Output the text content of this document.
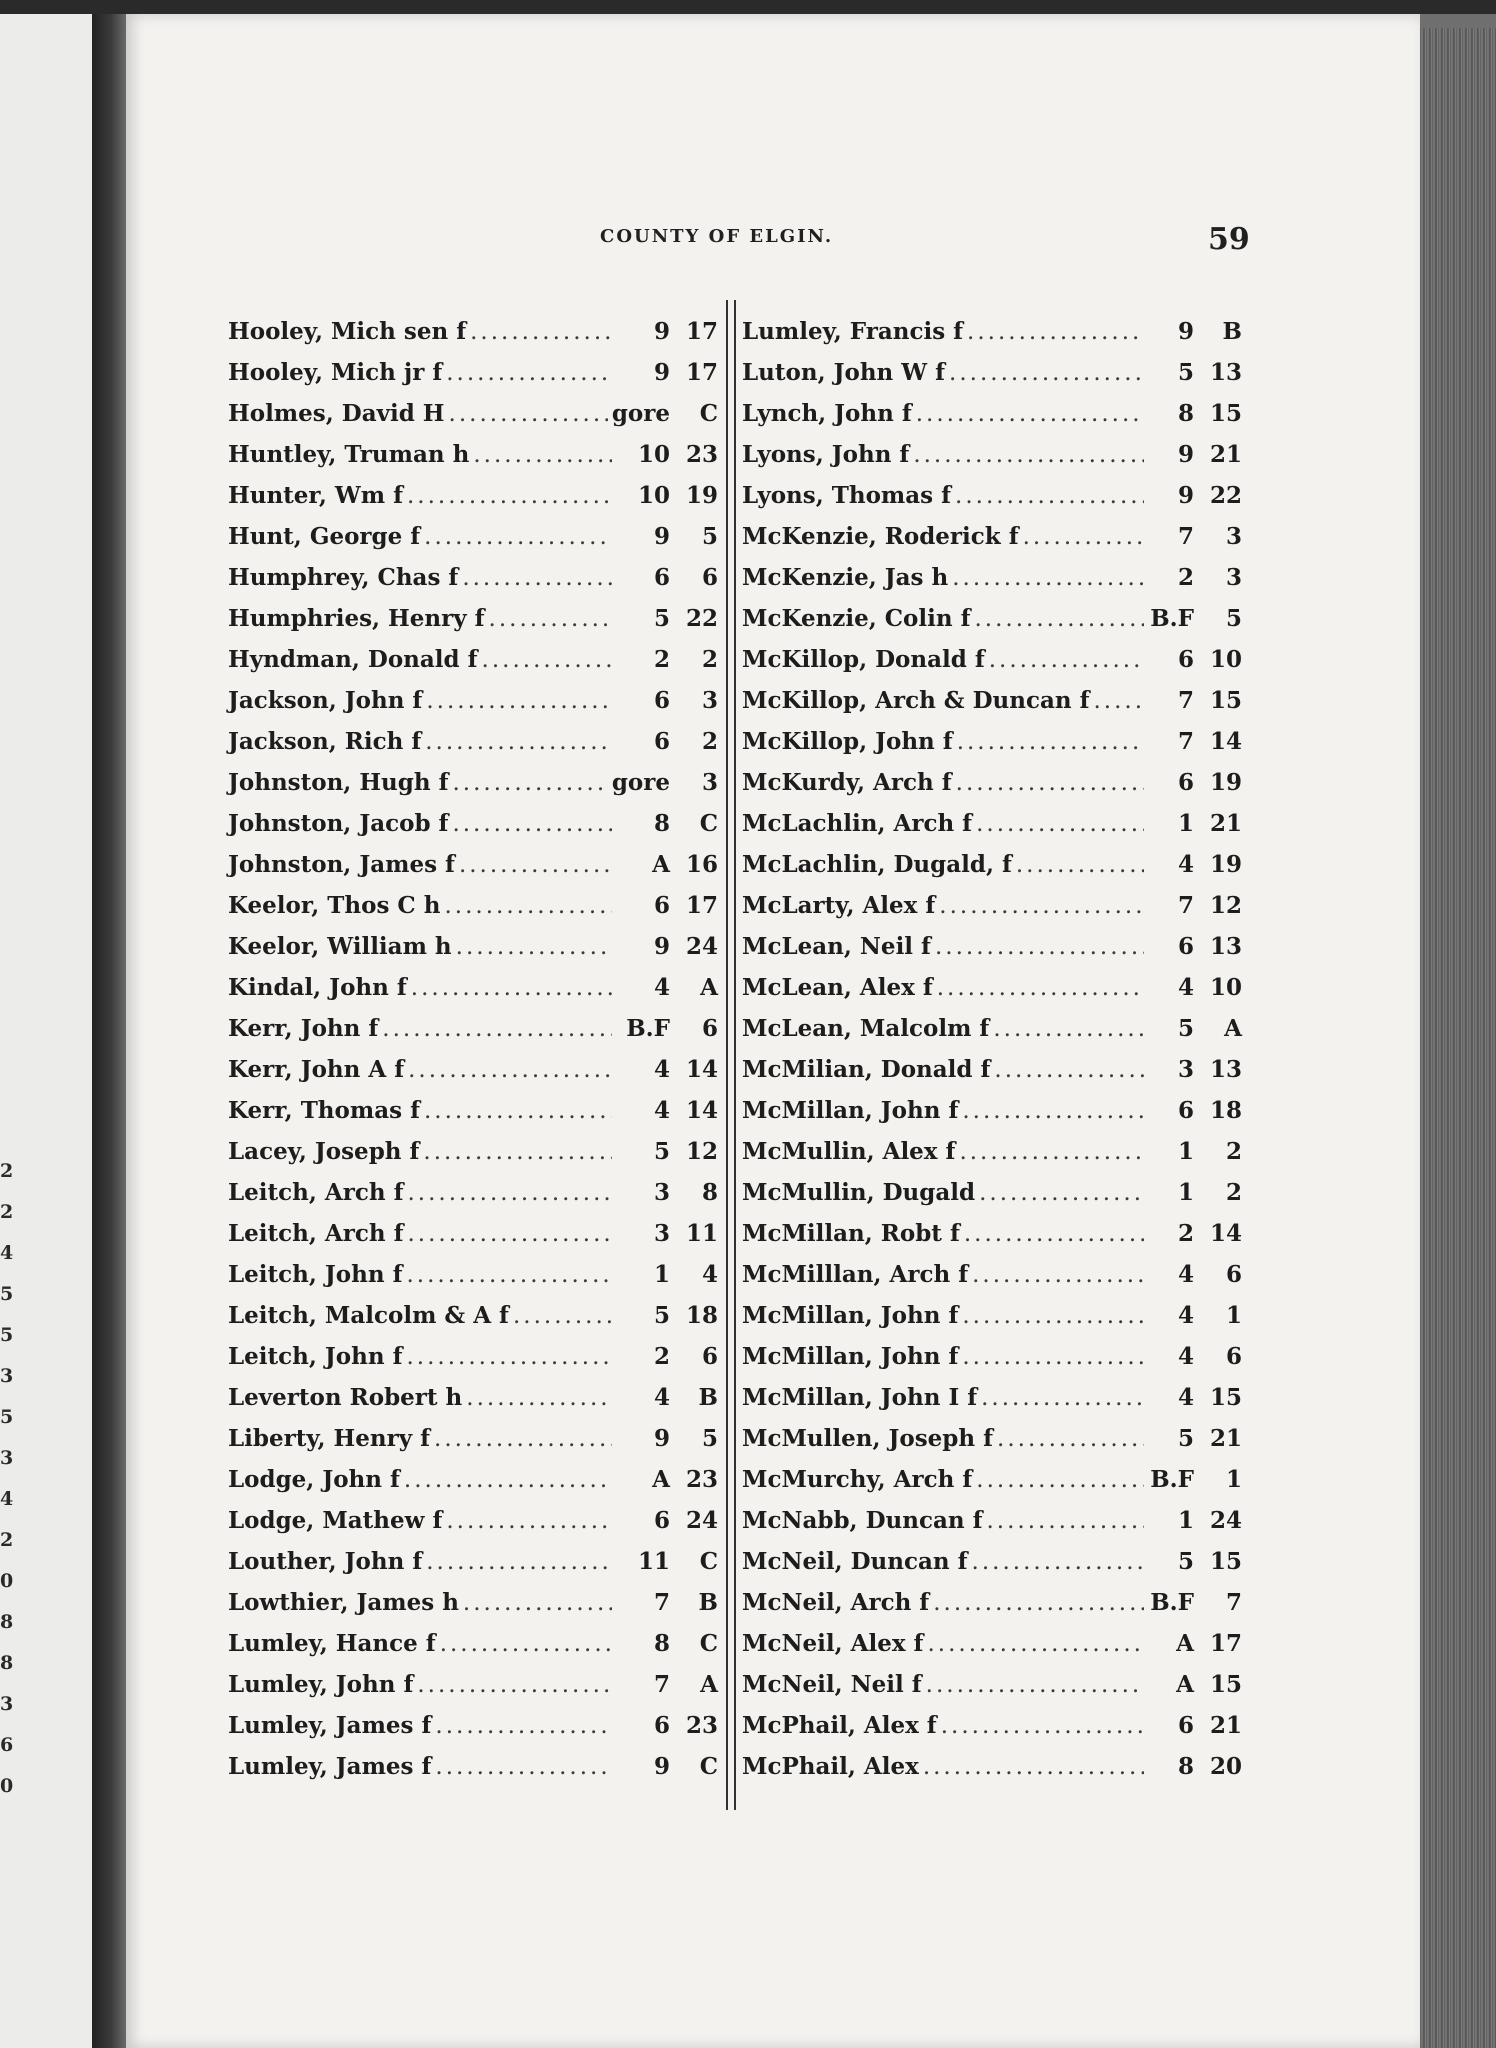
2
2
4
5
5
3
5
3
4
2
0
8
8
3
6
0
COUNTY OF ELGIN.	59
Hooley, Mich sen f .....	9 17
Hooley, Mich jr f .....	9 17
Holmes, David H .....	gore	C
Huntley, Truman h .....	10 23
Hunter, Wm f .....	10 19
Hunt, George f .....	9	5
Humphrey, Chas f .....	6	6
Humphries, Henry f .....	5 22
Hyndman, Donald f .....	2	2
Jackson, John f .....	6	3
Jackson, Rich f .....	6	2
Johnston, Hugh f .....	gore	3
Johnston, Jacob f .....	8	C
Johnston, James f .....	A 16
Keelor, Thos C h .....	6 17
Keelor, William h .....	9 24
Kindal, John f .....	4	A
Kerr, John f .....	B.F	6
Kerr, John A f .....	4 14
Kerr, Thomas f .....	4 14
Lacey, Joseph f .....	5 12
Leitch, Arch f .....	3	8
Leitch, Arch f .....	3 11
Leitch, John f .....	1	4
Leitch, Malcolm & A f .....	5 18
Leitch, John f .....	2	6
Leverton Robert h .....	4	B
Liberty, Henry f .....	9	5
Lodge, John f .....	A 23
Lodge, Mathew f .....	6 24
Louther, John f .....	11	C
Lowthier, James h .....	7	B
Lumley, Hance f .....	8	C
Lumley, John f .....	7	A
Lumley, James f .....	6 23
Lumley, James f .....	9	C
Lumley, Francis f .....	9	B
Luton, John W f .....	5 13
Lynch, John f .....	8 15
Lyons, John f .....	9 21
Lyons, Thomas f .....	9 22
McKenzie, Roderick f .....	7	3
McKenzie, Jas h .....	2	3
McKenzie, Colin f .....	B.F	5
McKillop, Donald f .....	6 10
McKillop, Arch & Duncan f .....	7 15
McKillop, John f .....	7 14
McKurdy, Arch f .....	6 19
McLachlin, Arch f .....	1 21
McLachlin, Dugald, f .....	4 19
McLarty, Alex f .....	7 12
McLean, Neil f .....	6 13
McLean, Alex f .....	4 10
McLean, Malcolm f .....	5	A
McMilian, Donald f .....	3 13
McMillan, John f .....	6 18
McMullin, Alex f .....	1	2
McMullin, Dugald .....	1	2
McMillan, Robt f .....	2 14
McMilllan, Arch f .....	4	6
McMillan, John f .....	4	1
McMillan, John f .....	4	6
McMillan, John I f .....	4 15
McMullen, Joseph f .....	5 21
McMurchy, Arch f .....	B.F	1
McNabb, Duncan f .....	1 24
McNeil, Duncan f .....	5 15
McNeil, Arch f .....	B.F	7
McNeil, Alex f .....	A 17
McNeil, Neil f .....	A 15
McPhail, Alex f .....	6 21
McPhail, Alex .....	8 20
